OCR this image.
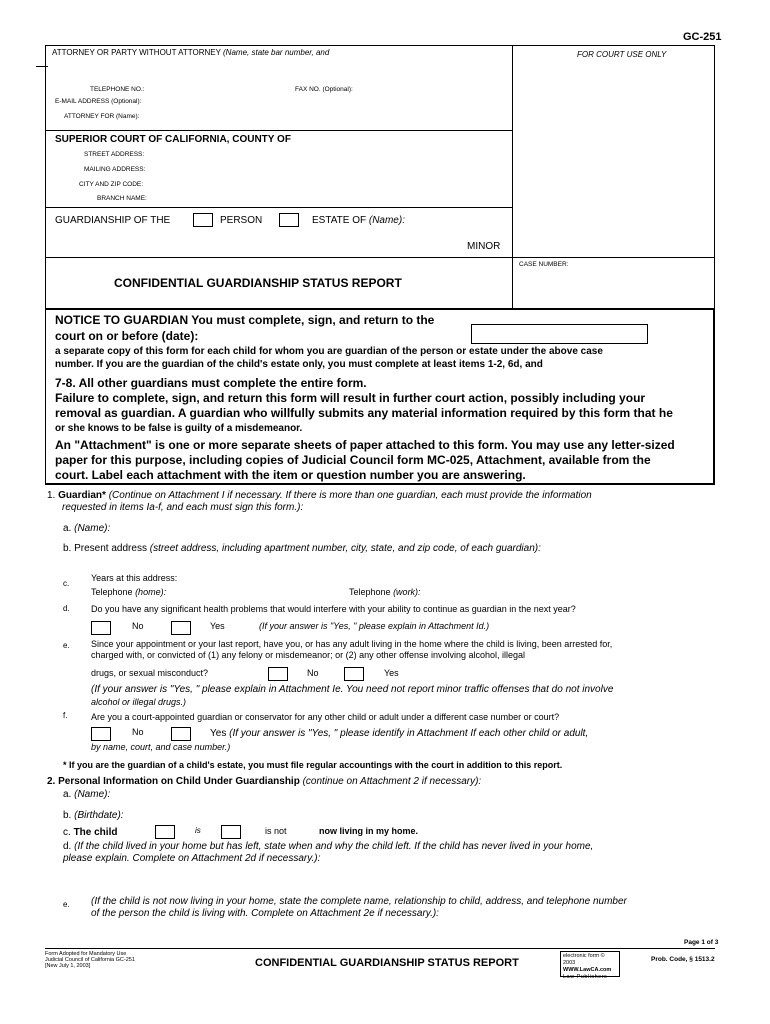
GC-251
ATTORNEY OR PARTY WITHOUT ATTORNEY (Name, state bar number, and	FOR COURT USE ONLY
TELEPHONE NO.:	FAX NO. (Optional):
E-MAIL ADDRESS (Optional):
ATTORNEY FOR (Name):
SUPERIOR COURT OF CALIFORNIA, COUNTY OF
STREET ADDRESS:
MAILING ADDRESS:
CITY AND ZIP CODE:
BRANCH NAME:
GUARDIANSHIP OF THE	PERSON	ESTATE OF (Name):
MINOR
CASE NUMBER:
CONFIDENTIAL GUARDIANSHIP STATUS REPORT
NOTICE TO GUARDIAN You must complete, sign, and return to the
court on or before (date):
a separate copy of this form for each child for whom you are guardian of the person or estate under the above case
number. If you are the guardian of the child's estate only, you must complete at least items 1-2, 6d, and
7-8. All other guardians must complete the entire form.
Failure to complete, sign, and return this form will result in further court action, possibly including your
removal as guardian. A guardian who willfully submits any material information required by this form that he
or she knows to be false is guilty of a misdemeanor.
An "Attachment" is one or more separate sheets of paper attached to this form. You may use any letter-sized
paper for this purpose, including copies of Judicial Council form MC-025, Attachment, available from the
court. Label each attachment with the item or question number you are answering.
1. Guardian* (Continue on Attachment I if necessary. If there is more than one guardian, each must provide the information
requested in items Ia-f, and each must sign this form.):
a. (Name):
b. Present address (street address, including apartment number, city, state, and zip code, of each guardian):
c.
Years at this address:
Telephone (home):	Telephone (work):
d. Do you have any significant health problems that would interfere with your ability to continue as guardian in the next year?
No	Yes	(If your answer is "Yes, " please explain in Attachment Id.)
e. Since your appointment or your last report, have you, or has any adult living in the home where the child is living, been arrested for,
charged with, or convicted of (1) any felony or misdemeanor; or (2) any other offense involving alcohol, illegal
drugs, or sexual misconduct?	No	Yes
(If your answer is "Yes, " please explain in Attachment Ie. You need not report minor traffic offenses that do not involve
alcohol or illegal drugs.)
f.	Are you a court-appointed guardian or conservator for any other child or adult under a different case number or court?
No	Yes (If your answer is "Yes, " please identify in Attachment If each other child or adult,
by name, court, and case number.)
* If you are the guardian of a child's estate, you must file regular accountings with the court in addition to this report.
2. Personal Information on Child Under Guardianship (continue on Attachment 2 if necessary):
a. (Name):
b. (Birthdate):
c. The child	is	is not	now living in my home.
d. (If the child lived in your home but has left, state when and why the child left. If the child has never lived in your home,
please explain. Complete on Attachment 2d if necessary.):
e. (If the child is not now living in your home, state the complete name, relationship to child, address, and telephone number
of the person the child is living with. Complete on Attachment 2e if necessary.):
Page 1 of 3
Form Adopted for Mandatory Use
Judicial Council of California GC-251
[New July 1, 2003]	CONFIDENTIAL GUARDIANSHIP STATUS REPORT
electronic form © 2003
WWW.LawCA.com
Law Publishers
Prob. Code, § 1513.2
